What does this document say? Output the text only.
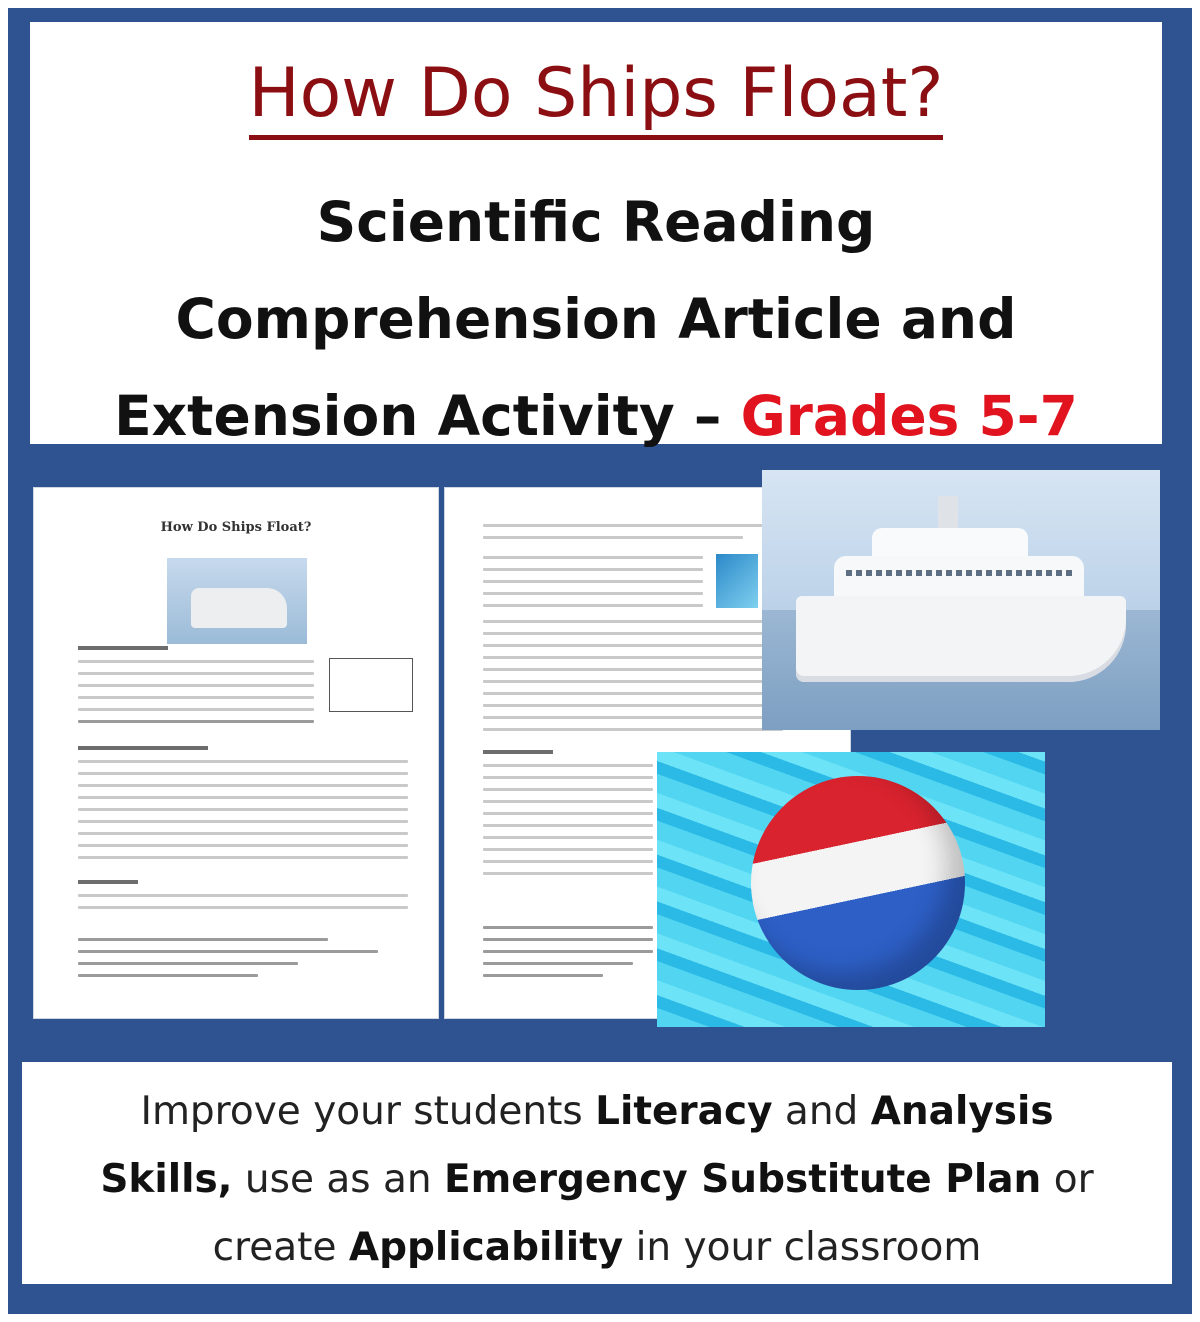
How Do Ships Float?
Scientific Reading
Comprehension Article and
Extension Activity – Grades 5-7
How Do Ships Float?
Improve your students Literacy and Analysis
Skills, use as an Emergency Substitute Plan or
create Applicability in your classroom
